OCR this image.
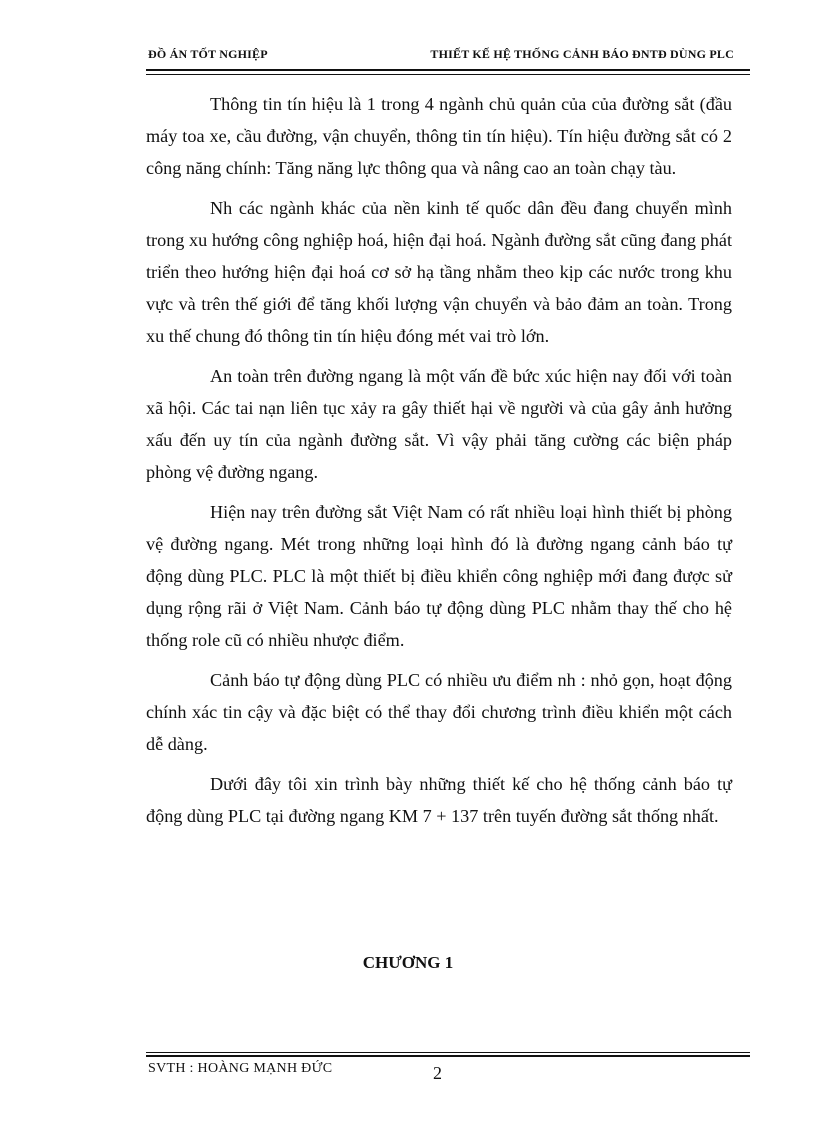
ĐỒ ÁN TỐT NGHIỆP	THIẾT KẾ HỆ THỐNG CẢNH BÁO ĐNTĐ DÙNG PLC

Thông tin tín hiệu là 1 trong 4 ngành chủ quản của của đường sắt (đầu máy toa xe, cầu đường, vận chuyển, thông tin tín hiệu). Tín hiệu đường sắt có 2 công năng chính: Tăng năng lực thông qua và nâng cao an toàn chạy tàu.

Nh các ngành khác của nền kinh tế quốc dân đều đang chuyển mình trong xu hướng công nghiệp hoá, hiện đại hoá. Ngành đường sắt cũng đang phát triển theo hướng hiện đại hoá cơ sở hạ tầng nhằm theo kịp các nước trong khu vực và trên thế giới để tăng khối lượng vận chuyển và bảo đảm an toàn. Trong xu thế chung đó thông tin tín hiệu đóng mét vai trò lớn.

An toàn trên đường ngang là một vấn đề bức xúc hiện nay đối với toàn xã hội. Các tai nạn liên tục xảy ra gây thiết hại về người và của gây ảnh hưởng xấu đến uy tín của ngành đường sắt. Vì vậy phải tăng cường các biện pháp phòng vệ đường ngang.

Hiện nay trên đường sắt Việt Nam có rất nhiều loại hình thiết bị phòng vệ đường ngang. Mét trong những loại hình đó là đường ngang cảnh báo tự động dùng PLC. PLC là một thiết bị điều khiển công nghiệp mới đang được sử dụng rộng rãi ở Việt Nam. Cảnh báo tự động dùng PLC nhằm thay thế cho hệ thống role cũ có nhiều nhược điểm.

Cảnh báo tự động dùng PLC có nhiều ưu điểm nh : nhỏ gọn, hoạt động chính xác tin cậy và đặc biệt có thể thay đổi chương trình điều khiển một cách dễ dàng.

Dưới đây tôi xin trình bày những thiết kế cho hệ thống cảnh báo tự động dùng PLC tại đường ngang KM 7 + 137 trên tuyến đường sắt thống nhất.

CHƯƠNG 1
SVTH : HOÀNG MẠNH ĐỨC	2
